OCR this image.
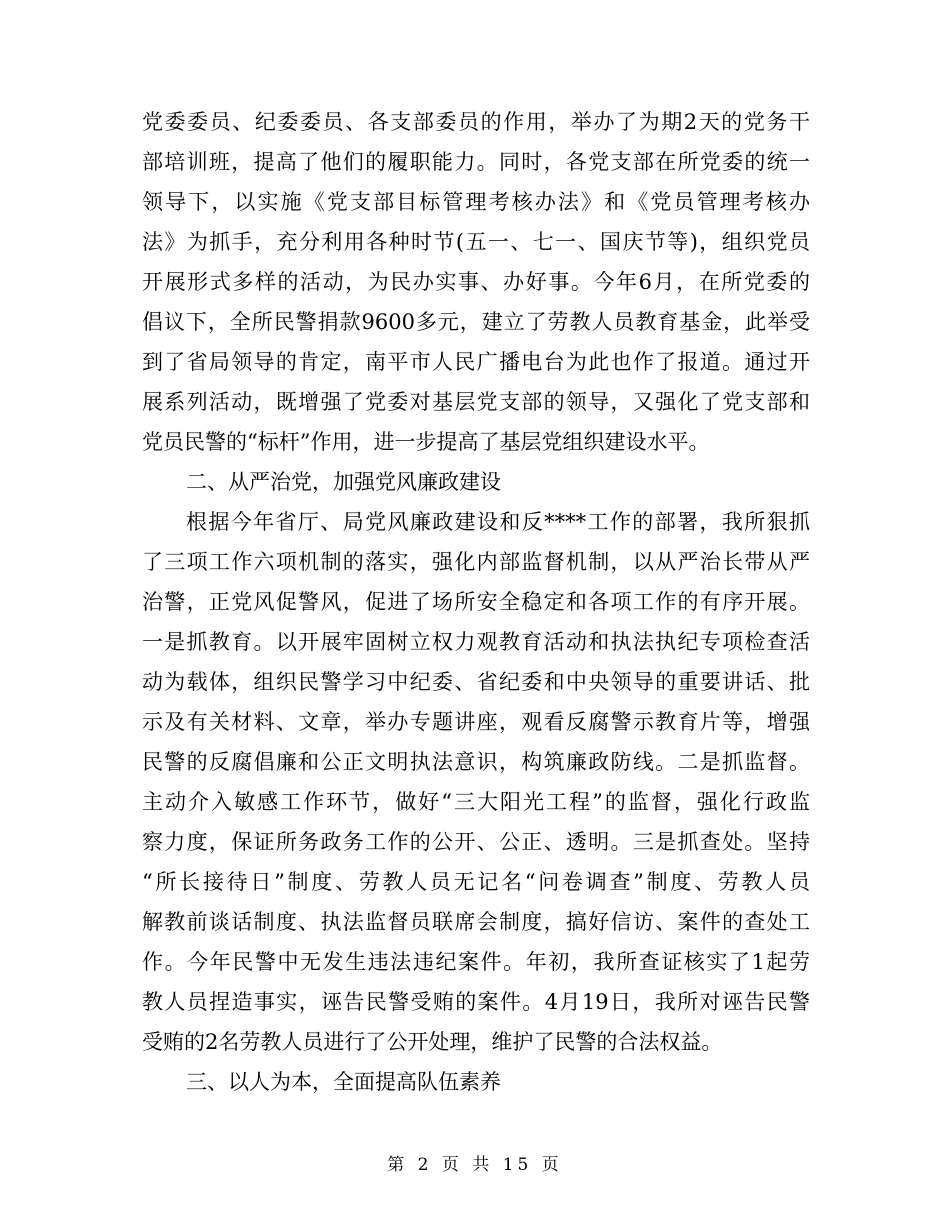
党委委员、纪委委员、各支部委员的作用，举办了为期2天的党务干
部培训班，提高了他们的履职能力。同时，各党支部在所党委的统一
领导下，以实施《党支部目标管理考核办法》和《党员管理考核办
法》为抓手，充分利用各种时节(五一、七一、国庆节等)，组织党员
开展形式多样的活动，为民办实事、办好事。今年6月，在所党委的
倡议下，全所民警捐款9600多元，建立了劳教人员教育基金，此举受
到了省局领导的肯定，南平市人民广播电台为此也作了报道。通过开
展系列活动，既增强了党委对基层党支部的领导，又强化了党支部和
党员民警的“标杆”作用，进一步提高了基层党组织建设水平。
二、从严治党，加强党风廉政建设
根据今年省厅、局党风廉政建设和反****工作的部署，我所狠抓
了三项工作六项机制的落实，强化内部监督机制，以从严治长带从严
治警，正党风促警风，促进了场所安全稳定和各项工作的有序开展。
一是抓教育。以开展牢固树立权力观教育活动和执法执纪专项检查活
动为载体，组织民警学习中纪委、省纪委和中央领导的重要讲话、批
示及有关材料、文章，举办专题讲座，观看反腐警示教育片等，增强
民警的反腐倡廉和公正文明执法意识，构筑廉政防线。二是抓监督。
主动介入敏感工作环节，做好“三大阳光工程”的监督，强化行政监
察力度，保证所务政务工作的公开、公正、透明。三是抓查处。坚持
“所长接待日”制度、劳教人员无记名“问卷调查”制度、劳教人员
解教前谈话制度、执法监督员联席会制度，搞好信访、案件的查处工
作。今年民警中无发生违法违纪案件。年初，我所查证核实了1起劳
教人员捏造事实，诬告民警受贿的案件。4月19日，我所对诬告民警
受贿的2名劳教人员进行了公开处理，维护了民警的合法权益。
三、以人为本，全面提高队伍素养
第 2 页 共 15 页
